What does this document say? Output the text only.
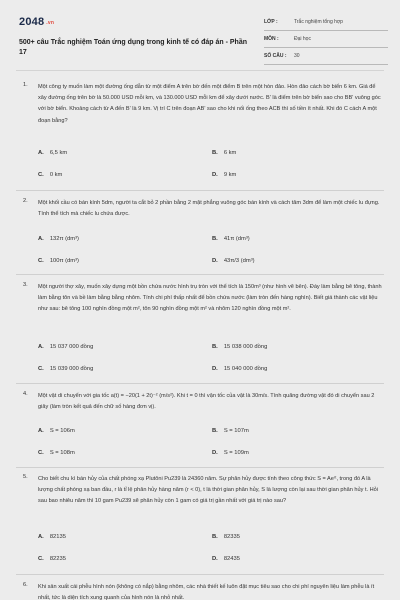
2048 .vn
500+ câu Trắc nghiệm Toán ứng dụng trong kinh tế có đáp án - Phần 17
LỚP :	Trắc nghiệm tổng hợp
MÔN :	Đại học
SỐ CÂU :	30
1. Một công ty muốn làm một đường ống dẫn từ một điểm A trên bờ đến một điểm B trên một hòn đảo. Hòn đảo cách bờ biển 6 km. Giá để xây đường ống trên bờ là 50.000 USD mỗi km, và 130.000 USD mỗi km để xây dưới nước. B' là điểm trên bờ biển sao cho BB' vuông góc với bờ biển. Khoảng cách từ A đến B' là 9 km. Vị trí C trên đoạn AB' sao cho khi nối ống theo ACB thì số tiền ít nhất. Khi đó C cách A một đoạn bằng?
A. 6,5 km	B. 6 km
C. 0 km	D. 9 km
2. Một khối cầu có bán kính 5dm, người ta cắt bỏ 2 phần bằng 2 mặt phẳng vuông góc bán kính và cách tâm 3dm để làm một chiếc lu đựng. Tính thể tích mà chiếc lu chứa được.
A. 132π (dm³)	B. 41π (dm³)
C. 100π (dm³)	D. 43π/3 (dm³)
3. Một người thợ xây, muốn xây dựng một bồn chứa nước hình trụ tròn với thể tích là 150m³ (như hình vẽ bên). Đáy làm bằng bê tông, thành làm bằng tôn và bề làm bằng bằng nhôm. Tính chi phí thấp nhất để bồn chứa nước (làm tròn đến hàng nghìn). Biết giá thành các vật liệu như sau: bê tông 100 nghìn đồng một m², tôn 90 nghìn đồng một m² và nhôm 120 nghìn đồng một m².
A. 15 037 000 đồng	B. 15 038 000 đồng
C. 15 039 000 đồng	D. 15 040 000 đồng
4. Một vật di chuyển với gia tốc a(t) = −20(1 + 2t)⁻² (m/s²). Khi t = 0 thì vận tốc của vật là 30m/s. Tính quãng đường vật đó di chuyển sau 2 giây (làm tròn kết quả đến chữ số hàng đơn vị).
A. S = 106m	B. S = 107m
C. S = 108m	D. S = 109m
5. Cho biết chu kì bán hủy của chất phóng xạ Plutôni Pu239 là 24360 năm. Sự phân hủy được tính theo công thức S = Aeʳᵗ, trong đó A là lượng chất phóng xạ ban đầu, r là tỉ lệ phân hủy hàng năm (r < 0), t là thời gian phân hủy, S là lượng còn lại sau thời gian phân hủy t. Hỏi sau bao nhiêu năm thì 10 gam Pu239 sẽ phân hủy còn 1 gam có giá trị gần nhất với giá trị nào sau?
A. 82135	B. 82335
C. 82235	D. 82435
6. Khi sản xuất cái phễu hình nón (không có nắp) bằng nhôm, các nhà thiết kế luôn đặt mục tiêu sao cho chi phí nguyên liệu làm phễu là ít nhất, tức là diện tích xung quanh của hình nón là nhỏ nhất.
